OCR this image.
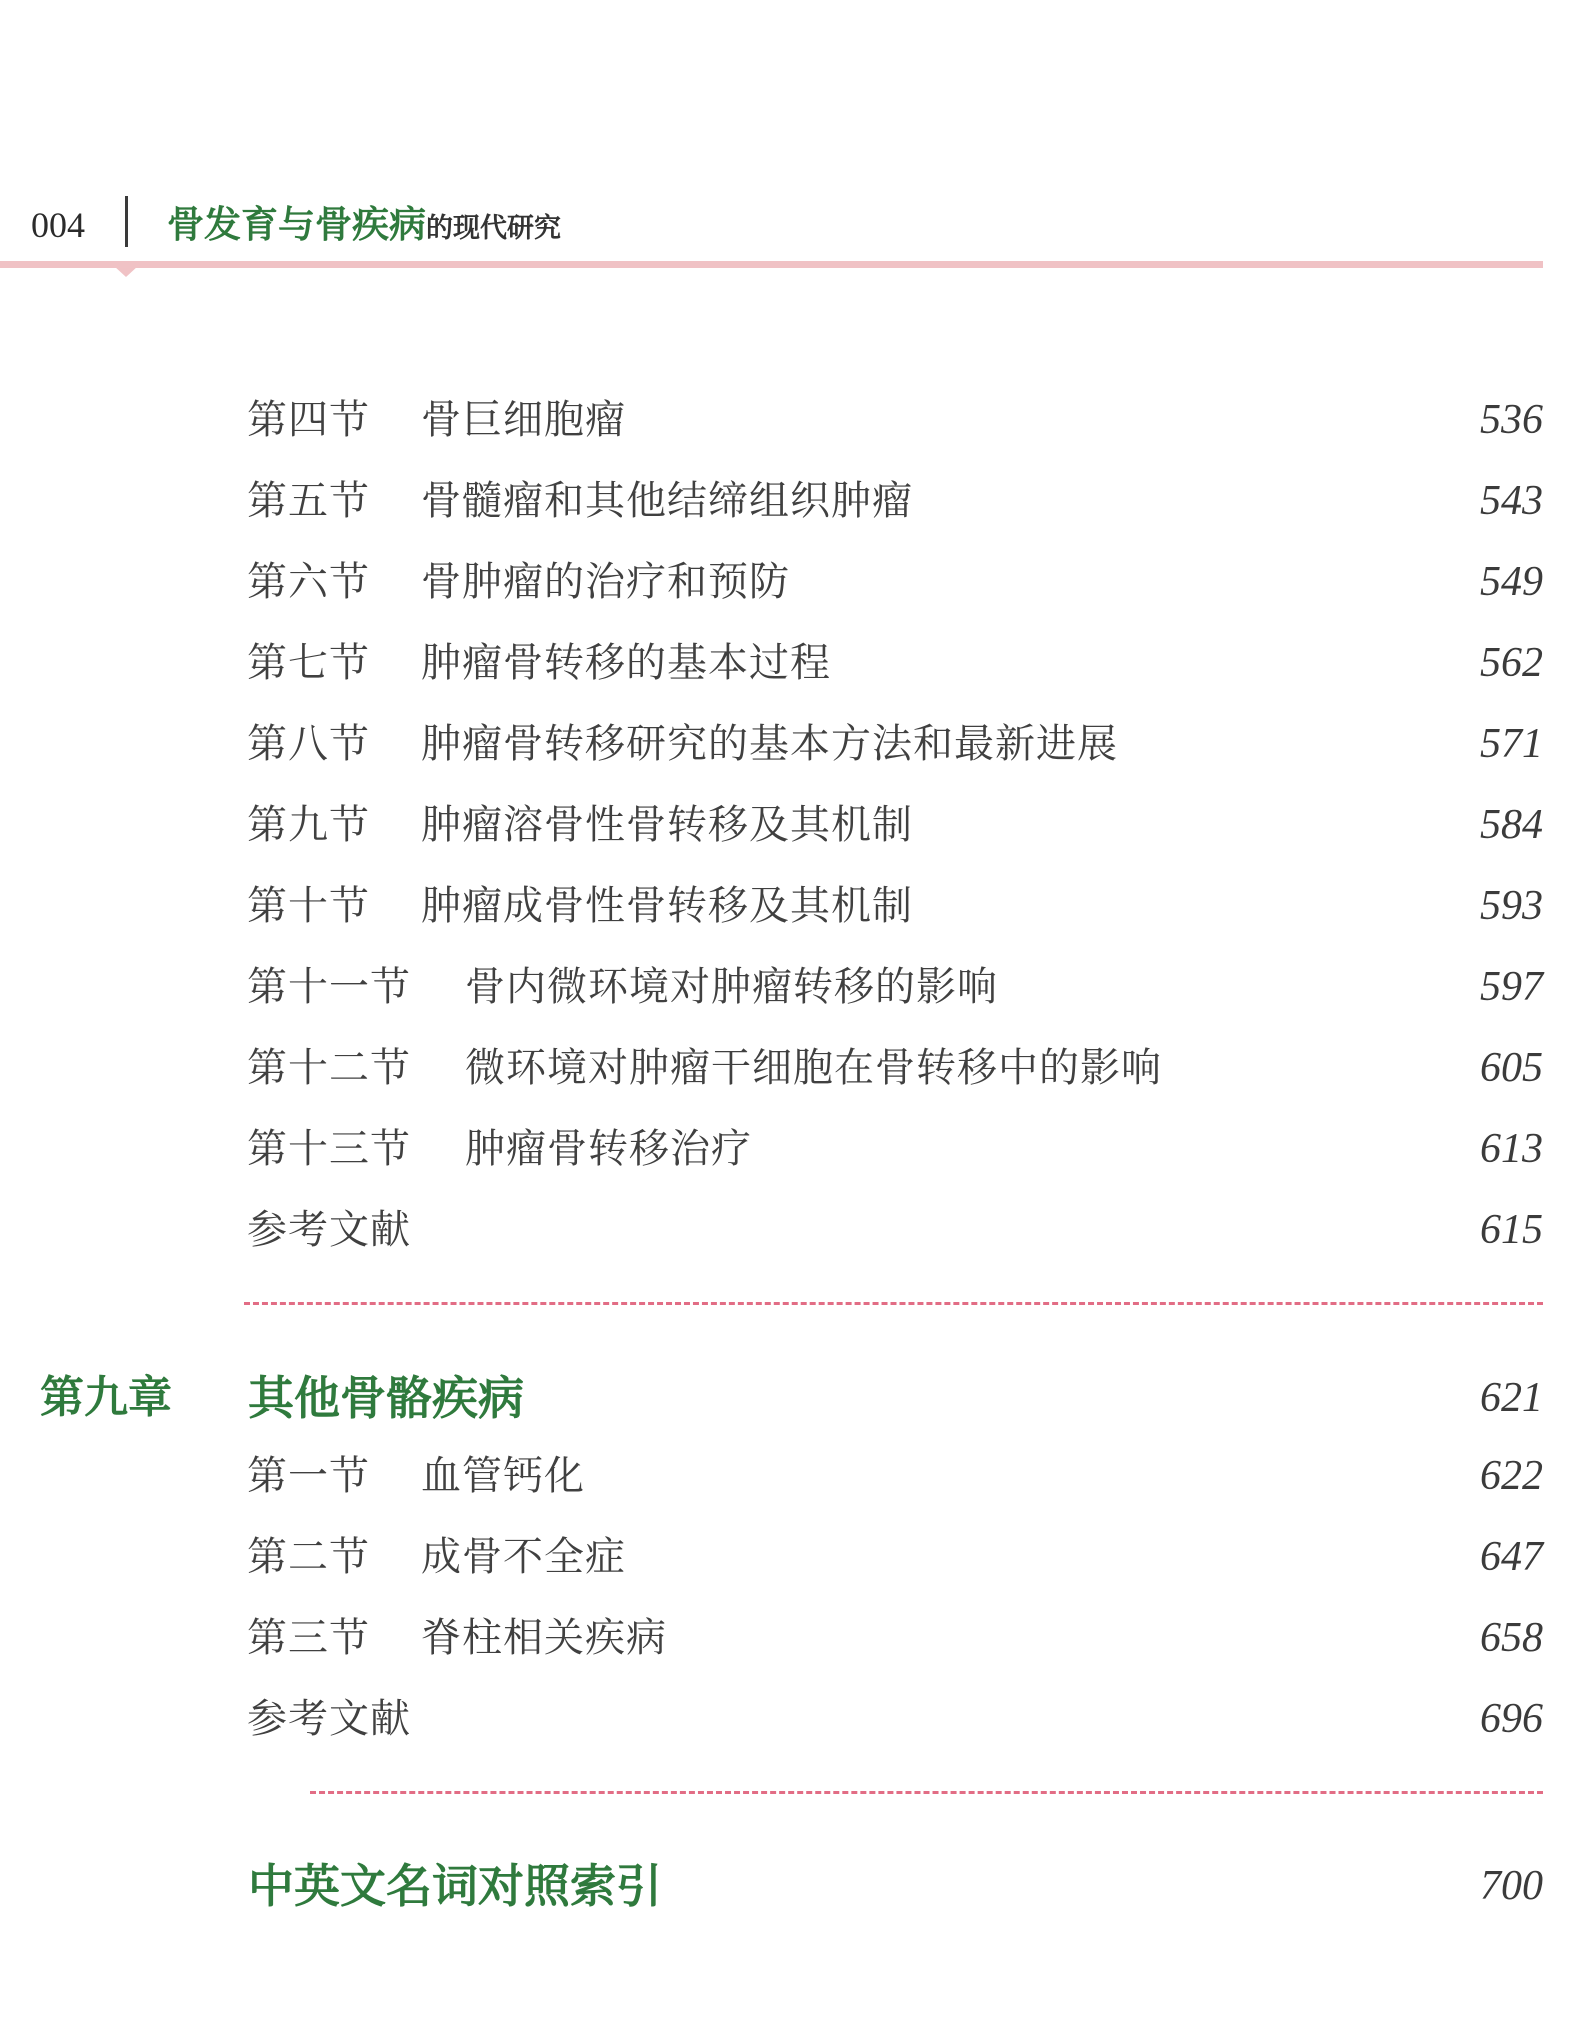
004 骨发育与骨疾病的现代研究
第四节 骨巨细胞瘤	536
第五节 骨髓瘤和其他结缔组织肿瘤	543
第六节 骨肿瘤的治疗和预防	549
第七节 肿瘤骨转移的基本过程	562
第八节 肿瘤骨转移研究的基本方法和最新进展	571
第九节 肿瘤溶骨性骨转移及其机制	584
第十节 肿瘤成骨性骨转移及其机制	593
第十一节 骨内微环境对肿瘤转移的影响	597
第十二节 微环境对肿瘤干细胞在骨转移中的影响	605
第十三节 肿瘤骨转移治疗	613
参考文献	615
第九章 其他骨骼疾病	621
第一节 血管钙化	622
第二节 成骨不全症	647
第三节 脊柱相关疾病	658
参考文献	696
中英文名词对照索引	700
